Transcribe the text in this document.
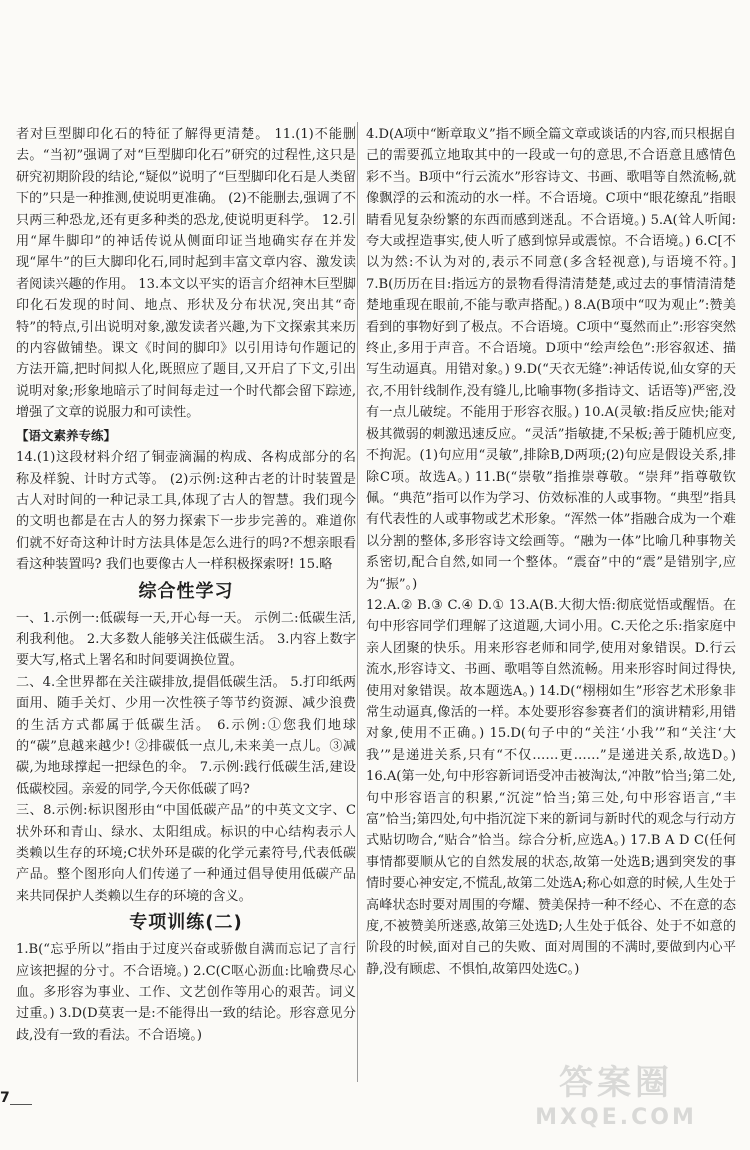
者对巨型脚印化石的特征了解得更清楚。 11.(1)不能删去。“当初”强调了对“巨型脚印化石”研究的过程性,这只是研究初期阶段的结论,“疑似”说明了“巨型脚印化石是人类留下的”只是一种推测,使说明更准确。 (2)不能删去,强调了不只两三种恐龙,还有更多种类的恐龙,使说明更科学。 12.引用“犀牛脚印”的神话传说从侧面印证当地确实存在并发现“犀牛”的巨大脚印化石,同时起到丰富文章内容、激发读者阅读兴趣的作用。 13.本文以平实的语言介绍神木巨型脚印化石发现的时间、地点、形状及分布状况,突出其“奇特”的特点,引出说明对象,激发读者兴趣,为下文探索其来历的内容做铺垫。课文《时间的脚印》以引用诗句作题记的方法开篇,把时间拟人化,既照应了题目,又开启了下文,引出说明对象;形象地暗示了时间每走过一个时代都会留下踪迹,增强了文章的说服力和可读性。

【语文素养专练】

14.(1)这段材料介绍了铜壶滴漏的构成、各构成部分的名称及样貌、计时方式等。 (2)示例:这种古老的计时装置是古人对时间的一种记录工具,体现了古人的智慧。我们现今的文明也都是在古人的努力探索下一步步完善的。难道你们就不好奇这种计时方法具体是怎么进行的吗?不想亲眼看看这种装置吗? 我们也要像古人一样积极探索呀! 15.略

综合性学习

一、1.示例一:低碳每一天,开心每一天。 示例二:低碳生活,利我利他。 2.大多数人能够关注低碳生活。 3.内容上数字要大写,格式上署名和时间要调换位置。

二、4.全世界都在关注碳排放,提倡低碳生活。 5.打印纸两面用、随手关灯、少用一次性筷子等节约资源、减少浪费的生活方式都属于低碳生活。 6.示例:①您我们地球的“碳”息越来越少! ②排碳低一点儿,未来美一点儿。③减碳,为地球撑起一把绿色的伞。 7.示例:践行低碳生活,建设低碳校园。亲爱的同学,今天你低碳了吗?

三、8.示例:标识图形由“中国低碳产品”的中英文文字、C状外环和青山、绿水、太阳组成。标识的中心结构表示人类赖以生存的环境;C状外环是碳的化学元素符号,代表低碳产品。整个图形向人们传递了一种通过倡导使用低碳产品来共同保护人类赖以生存的环境的含义。

专项训练(二)

1.B(“忘乎所以”指由于过度兴奋或骄傲自满而忘记了言行应该把握的分寸。不合语境。) 2.C(C呕心沥血:比喻费尽心血。多形容为事业、工作、文艺创作等用心的艰苦。词义过重。) 3.D(D莫衷一是:不能得出一致的结论。形容意见分歧,没有一致的看法。不合语境。)

4.D(A项中“断章取义”指不顾全篇文章或谈话的内容,而只根据自己的需要孤立地取其中的一段或一句的意思,不合语意且感情色彩不当。B项中“行云流水”形容诗文、书画、歌唱等自然流畅,就像飘浮的云和流动的水一样。不合语境。C项中“眼花缭乱”指眼睛看见复杂纷繁的东西而感到迷乱。不合语境。) 5.A(耸人听闻:夸大或捏造事实,使人听了感到惊异或震惊。不合语境。) 6.C[不以为然:不认为对的,表示不同意(多含轻视意),与语境不符。] 7.B(历历在目:指远方的景物看得清清楚楚,或过去的事情清清楚楚地重现在眼前,不能与歌声搭配。) 8.A(B项中“叹为观止”:赞美看到的事物好到了极点。不合语境。C项中“戛然而止”:形容突然终止,多用于声音。不合语境。D项中“绘声绘色”:形容叙述、描写生动逼真。用错对象。) 9.D(“天衣无缝”:神话传说,仙女穿的天衣,不用针线制作,没有缝儿,比喻事物(多指诗文、话语等)严密,没有一点儿破绽。不能用于形容衣服。) 10.A(灵敏:指反应快;能对极其微弱的刺激迅速反应。“灵活”指敏捷,不呆板;善于随机应变,不拘泥。(1)句应用“灵敏”,排除B,D两项;(2)句应是假设关系,排除C项。故选A。) 11.B(“崇敬”指推崇尊敬。“崇拜”指尊敬钦佩。“典范”指可以作为学习、仿效标准的人或事物。“典型”指具有代表性的人或事物或艺术形象。“浑然一体”指融合成为一个难以分割的整体,多形容诗文绘画等。“融为一体”比喻几种事物关系密切,配合自然,如同一个整体。“震奋”中的“震”是错别字,应为“振”。)

12.A.② B.③ C.④ D.① 13.A(B.大彻大悟:彻底觉悟或醒悟。在句中形容同学们理解了这道题,大词小用。C.天伦之乐:指家庭中亲人团聚的快乐。用来形容老师和同学,使用对象错误。D.行云流水,形容诗文、书画、歌唱等自然流畅。用来形容时间过得快,使用对象错误。故本题选A。) 14.D(“栩栩如生”形容艺术形象非常生动逼真,像活的一样。本处要形容参赛者们的演讲精彩,用错对象,使用不正确。) 15.D(句子中的“关注‘小我’”和“关注‘大我’”是递进关系,只有“不仅……更……”是递进关系,故选D。) 16.A(第一处,句中形容新词语受冲击被淘汰,“冲散”恰当;第二处,句中形容语言的积累,“沉淀”恰当;第三处,句中形容语言,“丰富”恰当;第四处,句中指沉淀下来的新词与新时代的观念与行动方式贴切吻合,“贴合”恰当。综合分析,应选A。) 17.B A D C(任何事情都要顺从它的自然发展的状态,故第一处选B;遇到突发的事情时要心神安定,不慌乱,故第二处选A;称心如意的时候,人生处于高峰状态时要对周围的夸耀、赞美保持一种不经心、不在意的态度,不被赞美所迷惑,故第三处选D;人生处于低谷、处于不如意的阶段的时候,面对自己的失败、面对周围的不满时,要做到内心平静,没有顾虑、不惧怕,故第四处选C。)

7	答案圈
MXQE.COM
